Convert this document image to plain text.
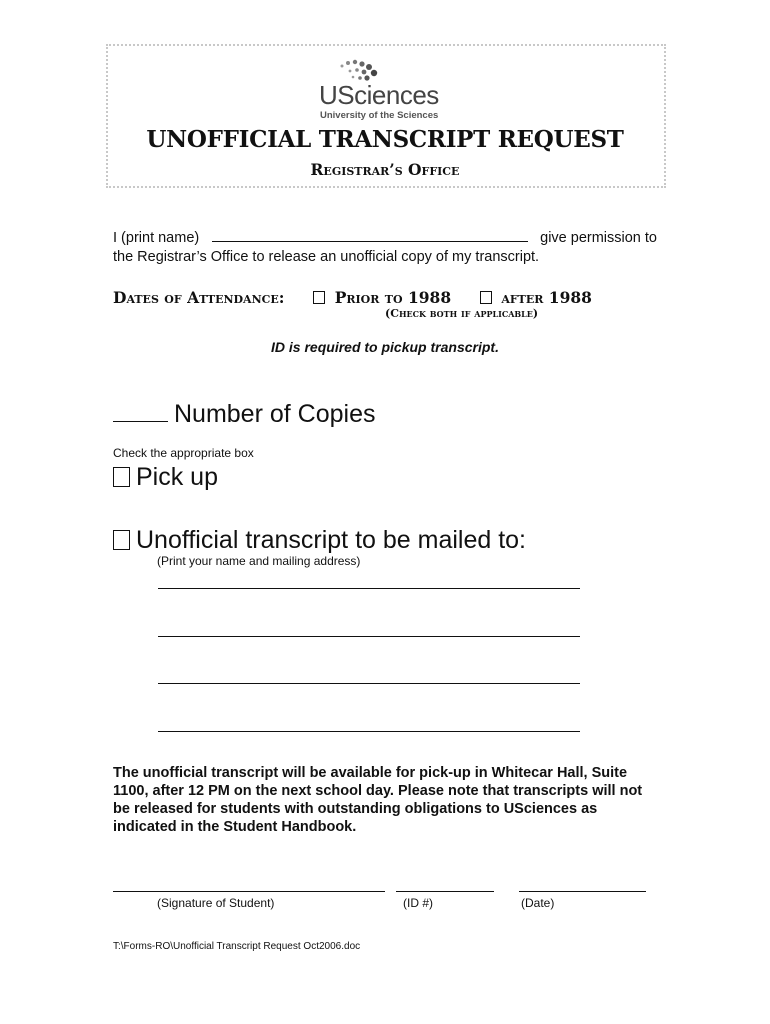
USciences
University of the Sciences
UNOFFICIAL TRANSCRIPT REQUEST
Registrar’s Office
I (print name)	give permission to
the Registrar’s Office to release an unofficial copy of my transcript.
Dates of Attendance:	Prior to 1988	after 1988
(Check both if applicable)
ID is required to pickup transcript.
Number of Copies
Check the appropriate box
Pick up
Unofficial transcript to be mailed to:
(Print your name and mailing address)
The unofficial transcript will be available for pick-up in Whitecar Hall, Suite 1100, after 12 PM on the next school day. Please note that transcripts will not be released for students with outstanding obligations to USciences as indicated in the Student Handbook.
(Signature of Student)	(ID #)	(Date)
T:\Forms-RO\Unofficial Transcript Request Oct2006.doc
